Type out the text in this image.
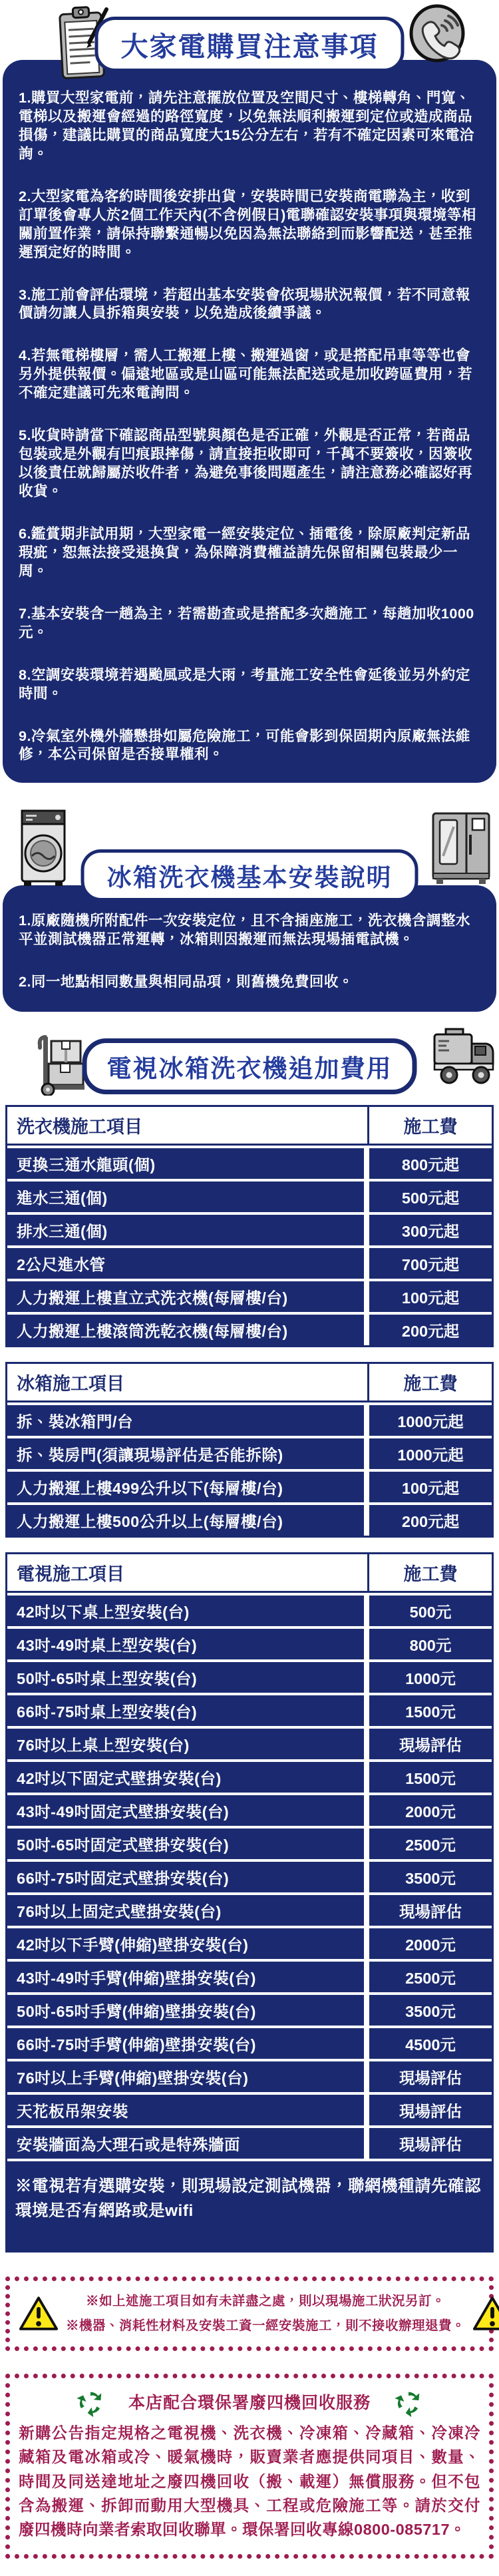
大家電購買注意事項

1.購買大型家電前，請先注意擺放位置及空間尺寸、樓梯轉角、門寬、電梯以及搬運會經過的路徑寬度，以免無法順利搬運到定位或造成商品損傷，建議比購買的商品寬度大15公分左右，若有不確定因素可來電洽詢。

2.大型家電為客約時間後安排出貨，安裝時間已安裝商電聯為主，收到訂單後會專人於2個工作天內(不含例假日)電聯確認安裝事項與環境等相關前置作業，請保持聯繫通暢以免因為無法聯絡到而影響配送，甚至推遲預定好的時間。

3.施工前會評估環境，若超出基本安裝會依現場狀況報價，若不同意報價請勿讓人員拆箱與安裝，以免造成後續爭議。

4.若無電梯樓層，需人工搬運上樓、搬運過窗，或是搭配吊車等等也會另外提供報價。偏遠地區或是山區可能無法配送或是加收跨區費用，若不確定建議可先來電詢問。

5.收貨時請當下確認商品型號與顏色是否正確，外觀是否正常，若商品包裝或是外觀有凹痕跟摔傷，請直接拒收即可，千萬不要簽收，因簽收以後責任就歸屬於收件者，為避免事後問題產生，請注意務必確認好再收貨。

6.鑑賞期非試用期，大型家電一經安裝定位、插電後，除原廠判定新品瑕疵，恕無法接受退換貨，為保障消費權益請先保留相關包裝最少一周。

7.基本安裝含一趟為主，若需勘查或是搭配多次趟施工，每趟加收1000元。

8.空調安裝環境若遇颱風或是大雨，考量施工安全性會延後並另外約定時間。

9.冷氣室外機外牆懸掛如屬危險施工，可能會影到保固期內原廠無法維修，本公司保留是否接單權利。

冰箱洗衣機基本安裝說明

1.原廠隨機所附配件一次安裝定位，且不含插座施工，洗衣機含調整水平並測試機器正常運轉，冰箱則因搬運而無法現場插電試機。

2.同一地點相同數量與相同品項，則舊機免費回收。

電視冰箱洗衣機追加費用
洗衣機施工項目	施工費
更換三通水龍頭(個)	800元起
進水三通(個)	500元起
排水三通(個)	300元起
2公尺進水管	700元起
人力搬運上樓直立式洗衣機(每層樓/台)	100元起
人力搬運上樓滾筒洗乾衣機(每層樓/台)	200元起
冰箱施工項目	施工費
拆、裝冰箱門/台	1000元起
拆、裝房門(須讓現場評估是否能拆除)	1000元起
人力搬運上樓499公升以下(每層樓/台)	100元起
人力搬運上樓500公升以上(每層樓/台)	200元起
電視施工項目	施工費
42吋以下桌上型安裝(台)	500元
43吋-49吋桌上型安裝(台)	800元
50吋-65吋桌上型安裝(台)	1000元
66吋-75吋桌上型安裝(台)	1500元
76吋以上桌上型安裝(台)	現場評估
42吋以下固定式壁掛安裝(台)	1500元
43吋-49吋固定式壁掛安裝(台)	2000元
50吋-65吋固定式壁掛安裝(台)	2500元
66吋-75吋固定式壁掛安裝(台)	3500元
76吋以上固定式壁掛安裝(台)	現場評估
42吋以下手臂(伸縮)壁掛安裝(台)	2000元
43吋-49吋手臂(伸縮)壁掛安裝(台)	2500元
50吋-65吋手臂(伸縮)壁掛安裝(台)	3500元
66吋-75吋手臂(伸縮)壁掛安裝(台)	4500元
76吋以上手臂(伸縮)壁掛安裝(台)	現場評估
天花板吊架安裝	現場評估
安裝牆面為大理石或是特殊牆面	現場評估
※電視若有選購安裝，則現場設定測試機器，聯網機種請先確認環境是否有網路或是wifi
※如上述施工項目如有未詳盡之處，則以現場施工狀況另訂。
※機器、消耗性材料及安裝工資一經安裝施工，則不接收辦理退費。
本店配合環保署廢四機回收服務
新購公告指定規格之電視機、洗衣機、冷凍箱、冷藏箱、冷凍冷藏箱及電冰箱或冷、暖氣機時，販賣業者應提供同項目、數量、時間及同送達地址之廢四機回收（搬、載運）無償服務。但不包含為搬運、拆卸而動用大型機具、工程或危險施工等。請於交付廢四機時向業者索取回收聯單。環保署回收專線0800-085717。
